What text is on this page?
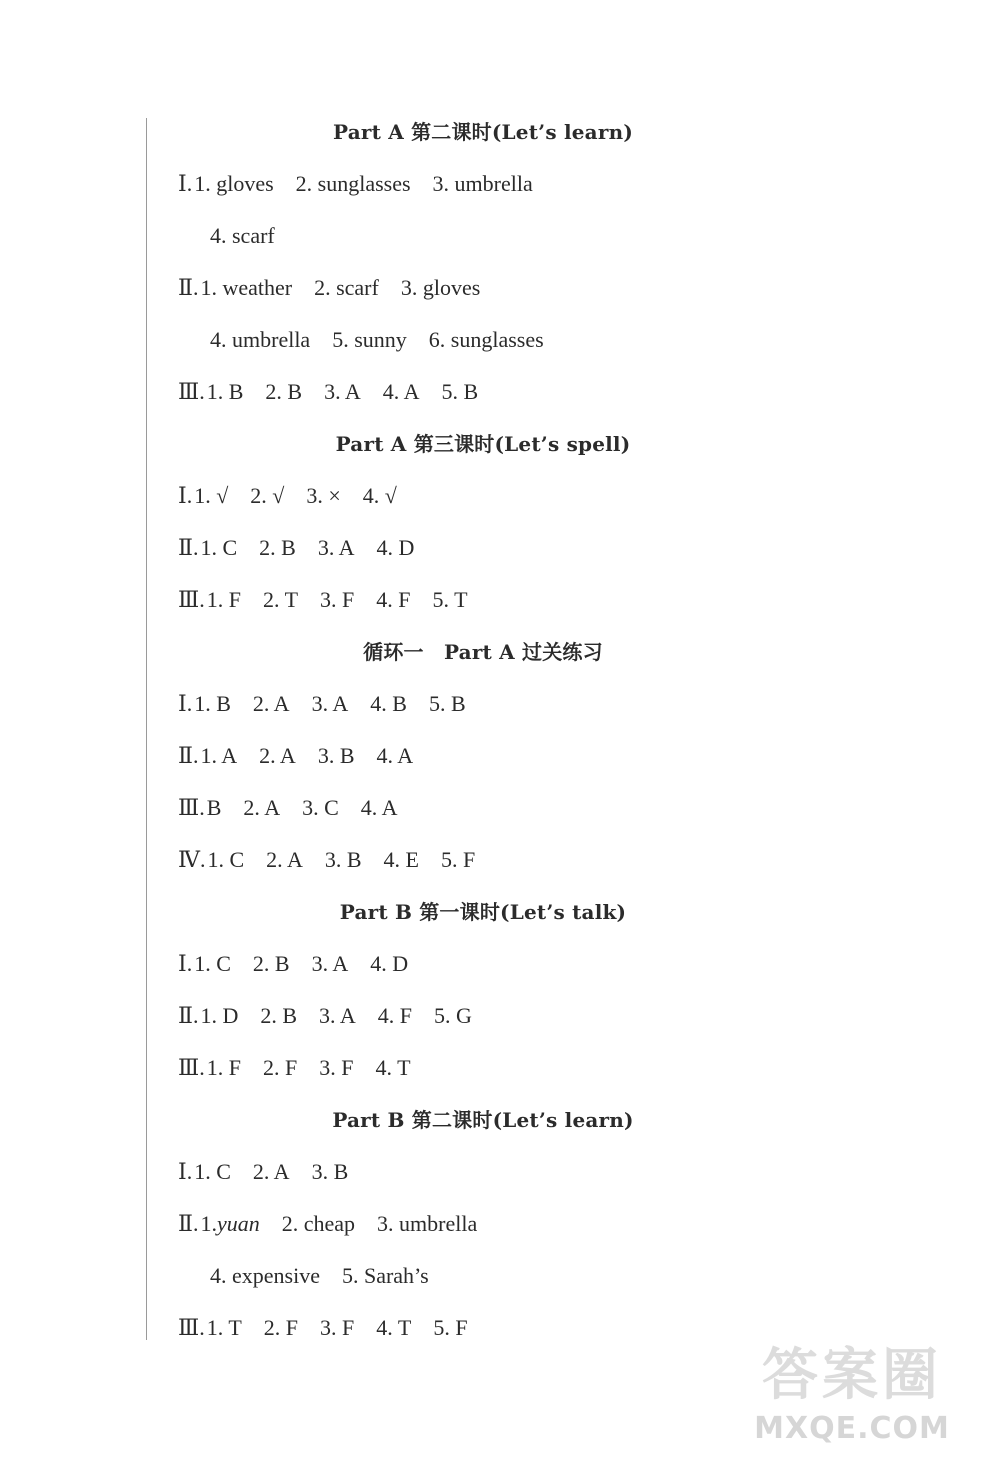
Part A 第二课时(Let’s learn)
Ⅰ.1. gloves 2. sunglasses 3. umbrella
4. scarf
Ⅱ.1. weather 2. scarf 3. gloves
4. umbrella 5. sunny 6. sunglasses
Ⅲ.1. B 2. B 3. A 4. A 5. B
Part A 第三课时(Let’s spell)
Ⅰ.1. √ 2. √ 3. × 4. √
Ⅱ.1. C 2. B 3. A 4. D
Ⅲ.1. F 2. T 3. F 4. F 5. T
循环一　Part A 过关练习
Ⅰ.1. B 2. A 3. A 4. B 5. B
Ⅱ.1. A 2. A 3. B 4. A
Ⅲ.B 2. A 3. C 4. A
Ⅳ.1. C 2. A 3. B 4. E 5. F
Part B 第一课时(Let’s talk)
Ⅰ.1. C 2. B 3. A 4. D
Ⅱ.1. D 2. B 3. A 4. F 5. G
Ⅲ.1. F 2. F 3. F 4. T
Part B 第二课时(Let’s learn)
Ⅰ.1. C 2. A 3. B
Ⅱ.1.yuan 2. cheap 3. umbrella
4. expensive 5. Sarah’s
Ⅲ.1. T 2. F 3. F 4. T 5. F
答案圈
MXQE.COM
